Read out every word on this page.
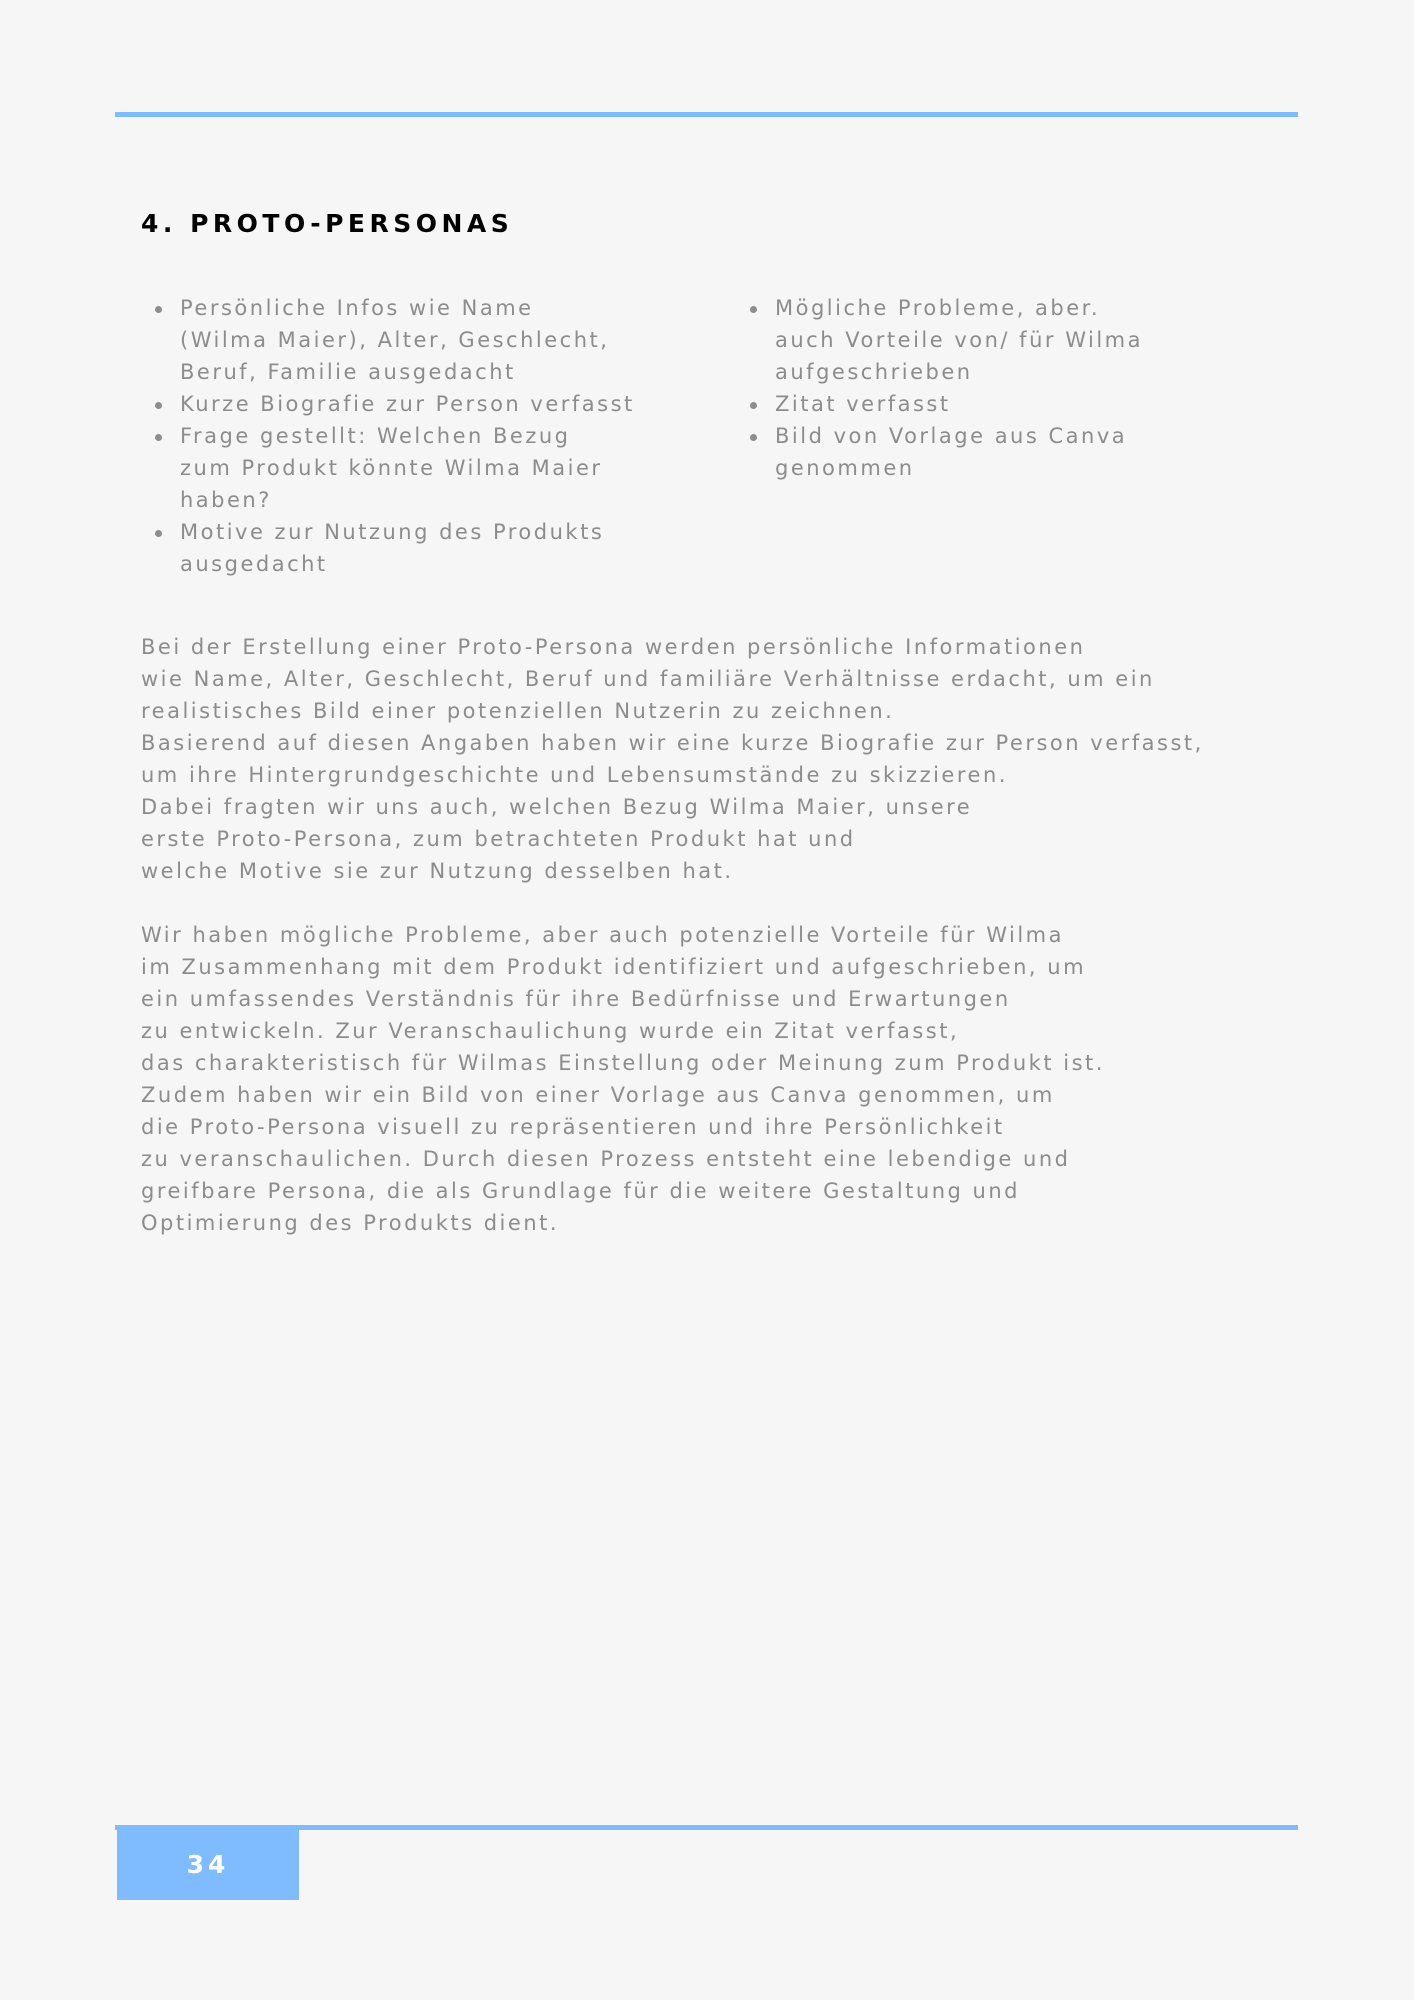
4. PROTO-PERSONAS
Persönliche Infos wie Name
(Wilma Maier), Alter, Geschlecht,
Beruf, Familie ausgedacht
Kurze Biografie zur Person verfasst
Frage gestellt: Welchen Bezug
zum Produkt könnte Wilma Maier
haben?
Motive zur Nutzung des Produkts
ausgedacht
Mögliche Probleme, aber.
auch Vorteile von/ für Wilma
aufgeschrieben
Zitat verfasst
Bild von Vorlage aus Canva
genommen

Bei der Erstellung einer Proto-Persona werden persönliche Informationen
wie Name, Alter, Geschlecht, Beruf und familiäre Verhältnisse erdacht, um ein
realistisches Bild einer potenziellen Nutzerin zu zeichnen.
Basierend auf diesen Angaben haben wir eine kurze Biografie zur Person verfasst,
um ihre Hintergrundgeschichte und Lebensumstände zu skizzieren.
Dabei fragten wir uns auch, welchen Bezug Wilma Maier, unsere
erste Proto-Persona, zum betrachteten Produkt hat und
welche Motive sie zur Nutzung desselben hat.

Wir haben mögliche Probleme, aber auch potenzielle Vorteile für Wilma
im Zusammenhang mit dem Produkt identifiziert und aufgeschrieben, um
ein umfassendes Verständnis für ihre Bedürfnisse und Erwartungen
zu entwickeln. Zur Veranschaulichung wurde ein Zitat verfasst,
das charakteristisch für Wilmas Einstellung oder Meinung zum Produkt ist.
Zudem haben wir ein Bild von einer Vorlage aus Canva genommen, um
die Proto-Persona visuell zu repräsentieren und ihre Persönlichkeit
zu veranschaulichen. Durch diesen Prozess entsteht eine lebendige und
greifbare Persona, die als Grundlage für die weitere Gestaltung und
Optimierung des Produkts dient.

34
